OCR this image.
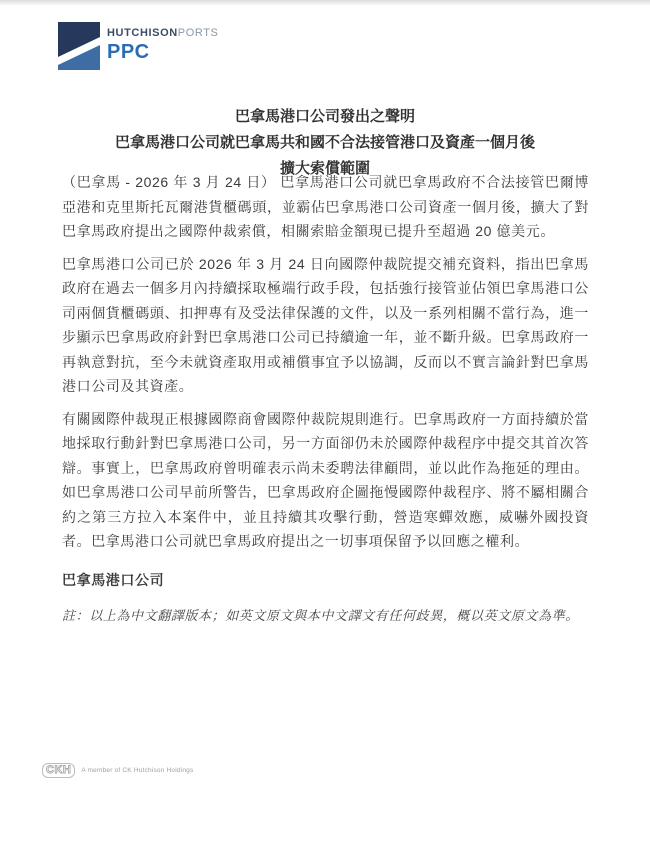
HUTCHISONPORTS
PPC
巴拿馬港口公司發出之聲明
巴拿馬港口公司就巴拿馬共和國不合法接管港口及資產一個月後
擴大索償範圍

（巴拿馬 - 2026 年 3 月 24 日） 巴拿馬港口公司就巴拿馬政府不合法接管巴爾博亞港和克里斯托瓦爾港貨櫃碼頭，並霸佔巴拿馬港口公司資產一個月後，擴大了對巴拿馬政府提出之國際仲裁索償，相關索賠金額現已提升至超過 20 億美元。

巴拿馬港口公司已於 2026 年 3 月 24 日向國際仲裁院提交補充資料，指出巴拿馬政府在過去一個多月內持續採取極端行政手段，包括強行接管並佔領巴拿馬港口公司兩個貨櫃碼頭、扣押專有及受法律保護的文件，以及一系列相關不當行為，進一步顯示巴拿馬政府針對巴拿馬港口公司已持續逾一年，並不斷升級。巴拿馬政府一再執意對抗，至今未就資產取用或補償事宜予以協調，反而以不實言論針對巴拿馬港口公司及其資產。

有關國際仲裁現正根據國際商會國際仲裁院規則進行。巴拿馬政府一方面持續於當地採取行動針對巴拿馬港口公司，另一方面卻仍未於國際仲裁程序中提交其首次答辯。事實上，巴拿馬政府曾明確表示尚未委聘法律顧問，並以此作為拖延的理由。如巴拿馬港口公司早前所警告，巴拿馬政府企圖拖慢國際仲裁程序、將不屬相關合約之第三方拉入本案件中，並且持續其攻擊行動，營造寒蟬效應，威嚇外國投資者。巴拿馬港口公司就巴拿馬政府提出之一切事項保留予以回應之權利。

巴拿馬港口公司

註：以上為中文翻譯版本；如英文原文與本中文譯文有任何歧異，概以英文原文為準。

CKH	A member of CK Hutchison Holdings
